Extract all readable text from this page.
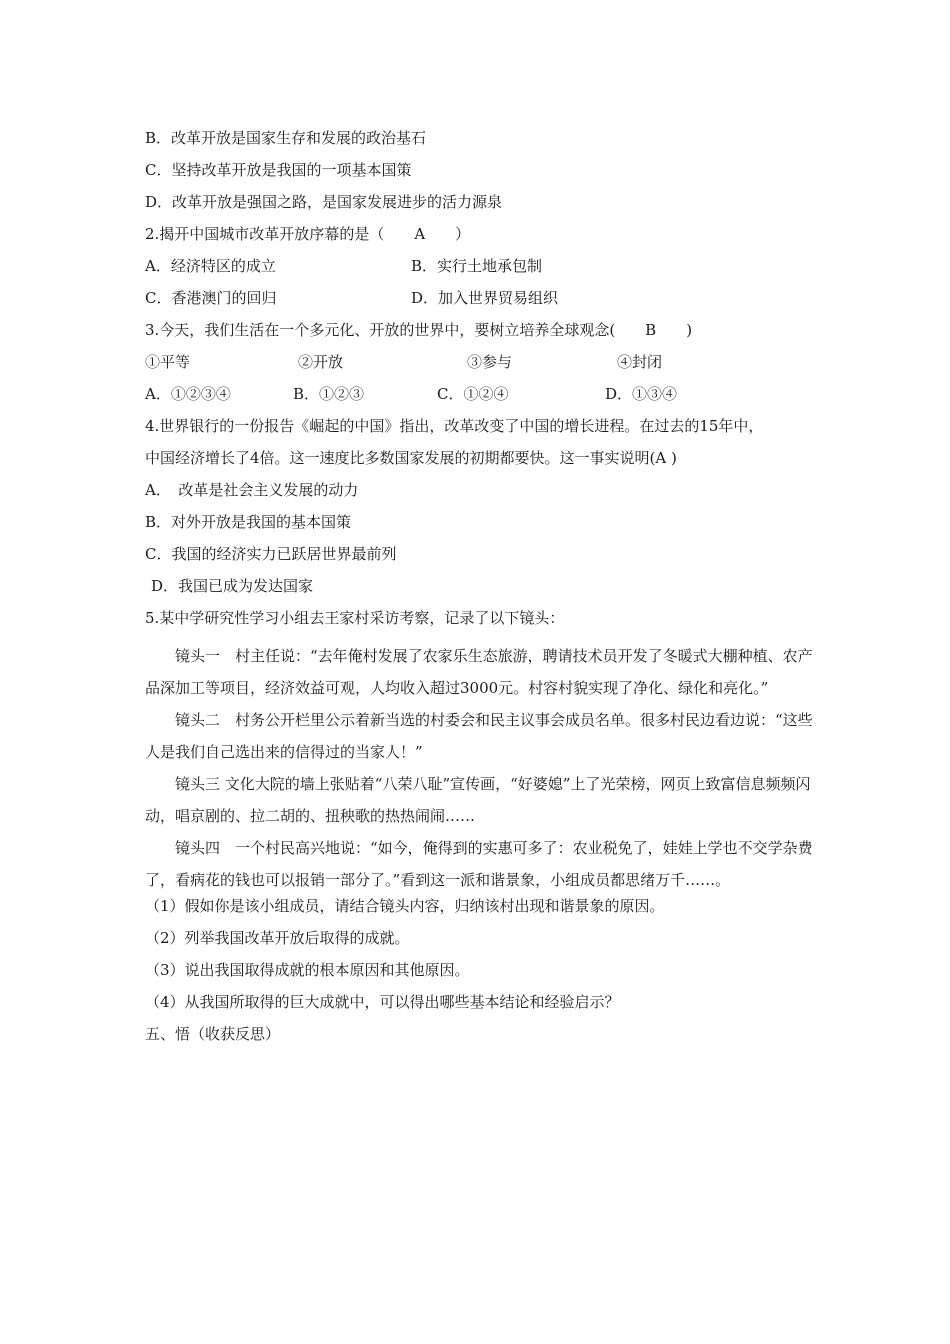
B．改革开放是国家生存和发展的政治基石
C．坚持改革开放是我国的一项基本国策
D．改革开放是强国之路，是国家发展进步的活力源泉
2.揭开中国城市改革开放序幕的是（　　A　　）
A．经济特区的成立	B．实行土地承包制
C．香港澳门的回归	D．加入世界贸易组织
3.今天，我们生活在一个多元化、开放的世界中，要树立培养全球观念(　　B　　)
①平等	②开放	③参与	④封闭
A．①②③④	B．①②③	C．①②④	D．①③④
4.世界银行的一份报告《崛起的中国》指出，改革改变了中国的增长进程。在过去的15年中，
中国经济增长了4倍。这一速度比多数国家发展的初期都要快。这一事实说明(A )
A．　改革是社会主义发展的动力
B．对外开放是我国的基本国策
C．我国的经济实力已跃居世界最前列
D．我国已成为发达国家
5.某中学研究性学习小组去王家村采访考察，记录了以下镜头：

镜头一　村主任说：“去年俺村发展了农家乐生态旅游，聘请技术员开发了冬暖式大棚种植、农产品深加工等项目，经济效益可观，人均收入超过3000元。村容村貌实现了净化、绿化和亮化。”

镜头二　村务公开栏里公示着新当选的村委会和民主议事会成员名单。很多村民边看边说：“这些人是我们自己选出来的信得过的当家人！”

镜头三 文化大院的墙上张贴着“八荣八耻”宣传画，“好婆媳”上了光荣榜，网页上致富信息频频闪动，唱京剧的、拉二胡的、扭秧歌的热热闹闹……

镜头四　一个村民高兴地说：“如今，俺得到的实惠可多了：农业税免了，娃娃上学也不交学杂费了，看病花的钱也可以报销一部分了。”看到这一派和谐景象，小组成员都思绪万千……。

（1）假如你是该小组成员，请结合镜头内容，归纳该村出现和谐景象的原因。
（2）列举我国改革开放后取得的成就。
（3）说出我国取得成就的根本原因和其他原因。
（4）从我国所取得的巨大成就中，可以得出哪些基本结论和经验启示？
五、悟（收获反思）
